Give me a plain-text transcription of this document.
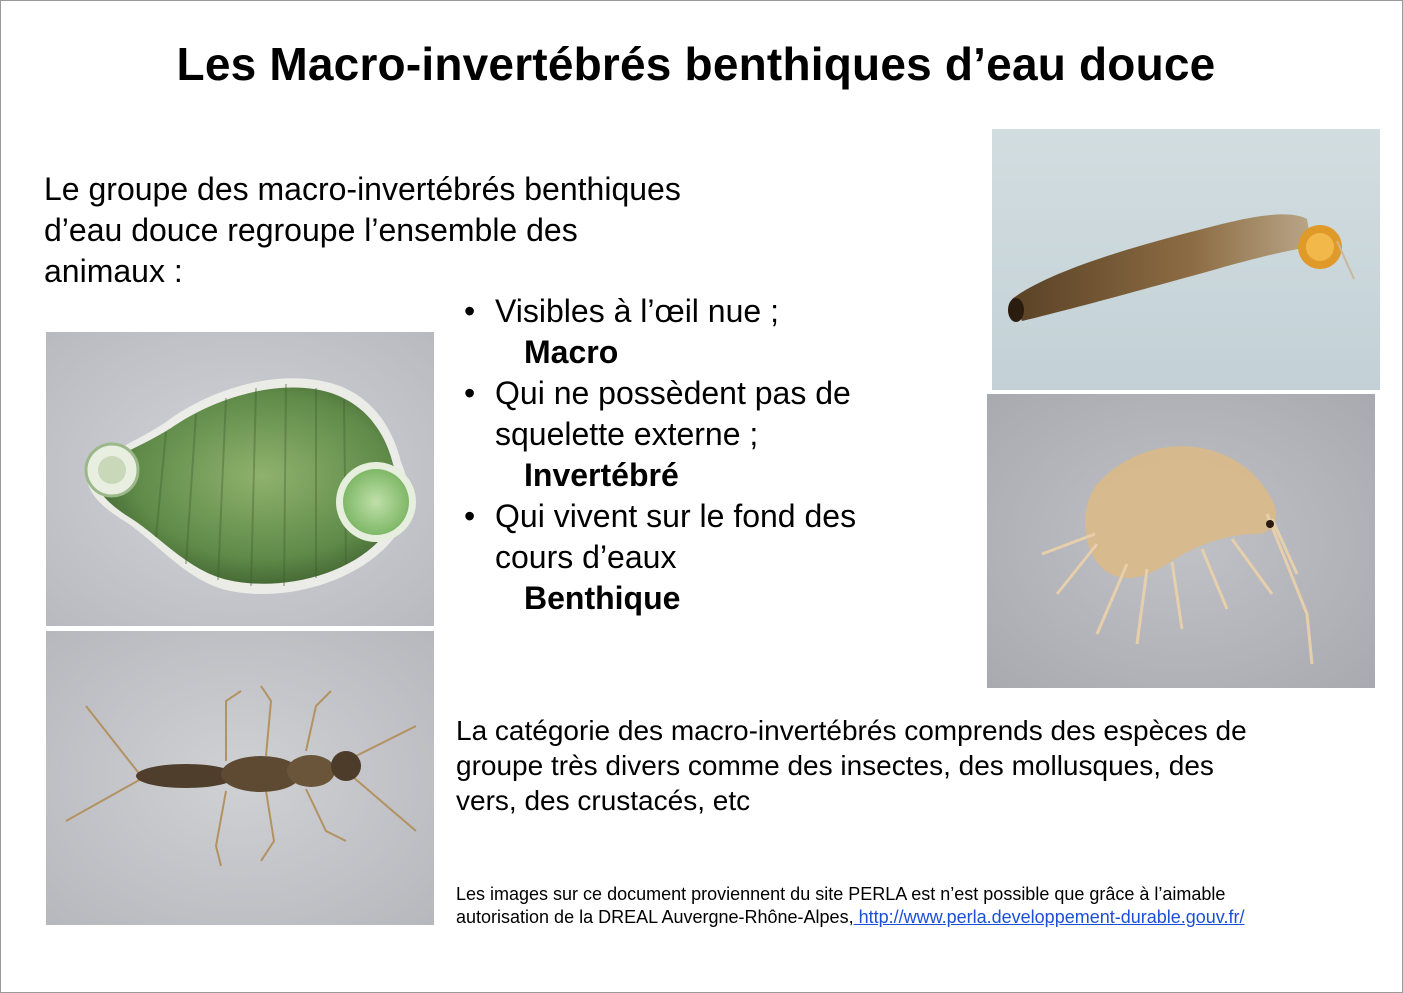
Les Macro-invertébrés benthiques d’eau douce
Le groupe des macro-invertébrés benthiques
d’eau douce regroupe l’ensemble des
animaux :
• Visibles à l’œil nue ;
Macro
• Qui ne possèdent pas de
squelette externe ;
Invertébré
• Qui vivent sur le fond des
cours d’eaux
Benthique
La catégorie des macro-invertébrés comprends des espèces de
groupe très divers comme des insectes, des mollusques, des
vers, des crustacés, etc
Les images sur ce document proviennent du site PERLA est n’est possible que grâce à l’aimable
autorisation de la DREAL Auvergne-Rhône-Alpes, http://www.perla.developpement-durable.gouv.fr/
